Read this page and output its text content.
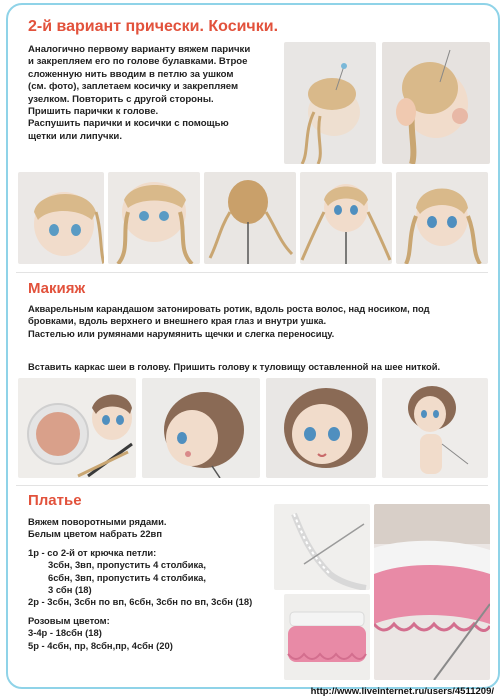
2-й вариант прически. Косички.
Аналогично первому варианту вяжем парички
и закрепляем его по голове булавками. Втрое
сложенную нить вводим в петлю за ушком
(см. фото), заплетаем косичку и закрепляем
узелком. Повторить с другой стороны.
Пришить парички к голове.
Распушить парички и косички с помощью
щетки или липучки.
Макияж
Акварельным карандашом затонировать ротик, вдоль роста волос, над носиком, под
бровками, вдоль верхнего и внешнего края глаз и внутри ушка.
Пастелью или румянами нарумянить щечки и слегка переносицу.
Вставить каркас шеи в голову. Пришить голову к туловищу оставленной на шее ниткой.
Платье
Вяжем поворотными рядами.
Белым цветом набрать 22вп
1р - со 2-й от крючка петли:
3сбн, 3вп, пропустить 4 столбика,
6сбн, 3вп, пропустить 4 столбика,
3 сбн (18)
2р - 3сбн, 3сбн по вп, 6сбн, 3сбн по вп, 3сбн (18)
Розовым цветом:
3-4р - 18сбн (18)
5р - 4сбн, пр, 8сбн,пр, 4сбн (20)
http://www.liveinternet.ru/users/4511209/
